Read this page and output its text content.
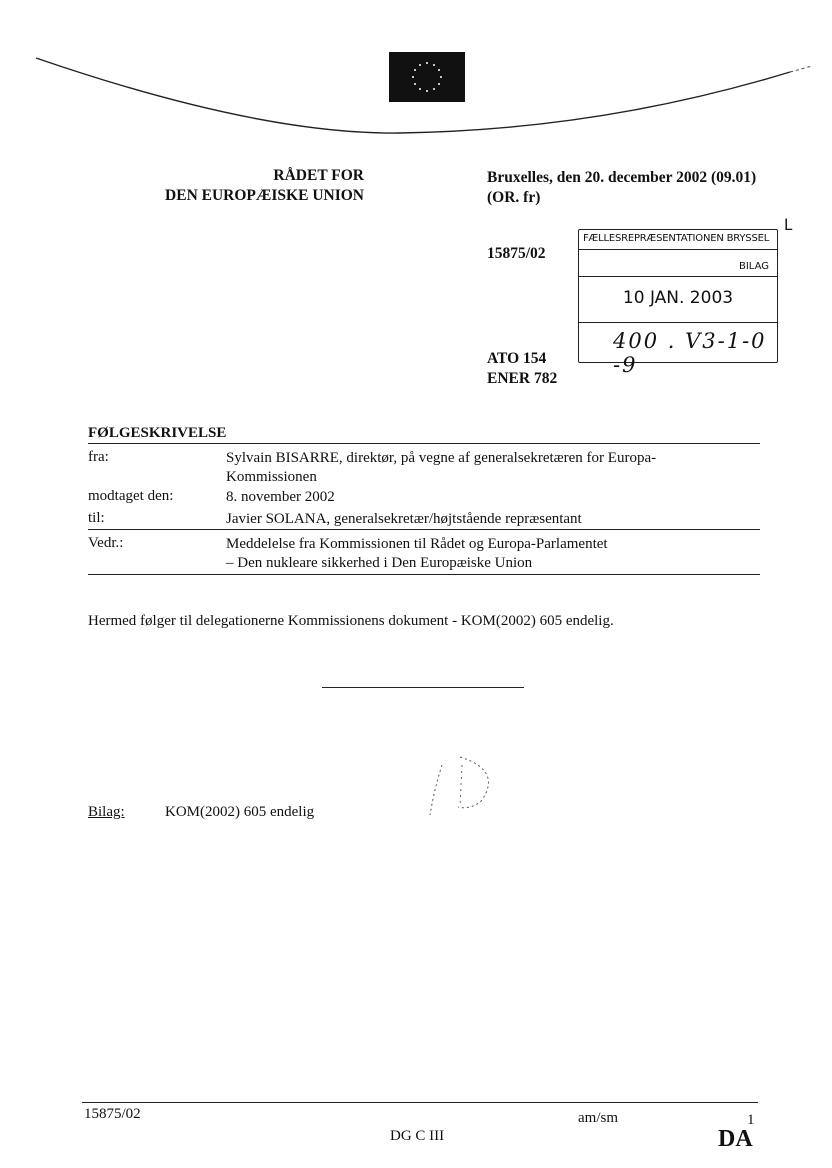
RÅDET FOR
DEN EUROPÆISKE UNION
Bruxelles, den 20. december 2002 (09.01)
(OR. fr)
15875/02
ATO 154
ENER 782
ᒪ
FÆLLESREPRÆSENTATIONEN BRYSSEL
BILAG
10 JAN. 2003
400 . V3-1-0 -9
FØLGESKRIVELSE
fra:	Sylvain BISARRE, direktør, på vegne af generalsekretæren for Europa-
Kommissionen
modtaget den:	8. november 2002
til:	Javier SOLANA, generalsekretær/højtstående repræsentant
Vedr.:	Meddelelse fra Kommissionen til Rådet og Europa-Parlamentet
– Den nukleare sikkerhed i Den Europæiske Union
Hermed følger til delegationerne Kommissionens dokument - KOM(2002) 605 endelig.
Bilag:	KOM(2002) 605 endelig
15875/02	am/sm	1
DG C III	DA
